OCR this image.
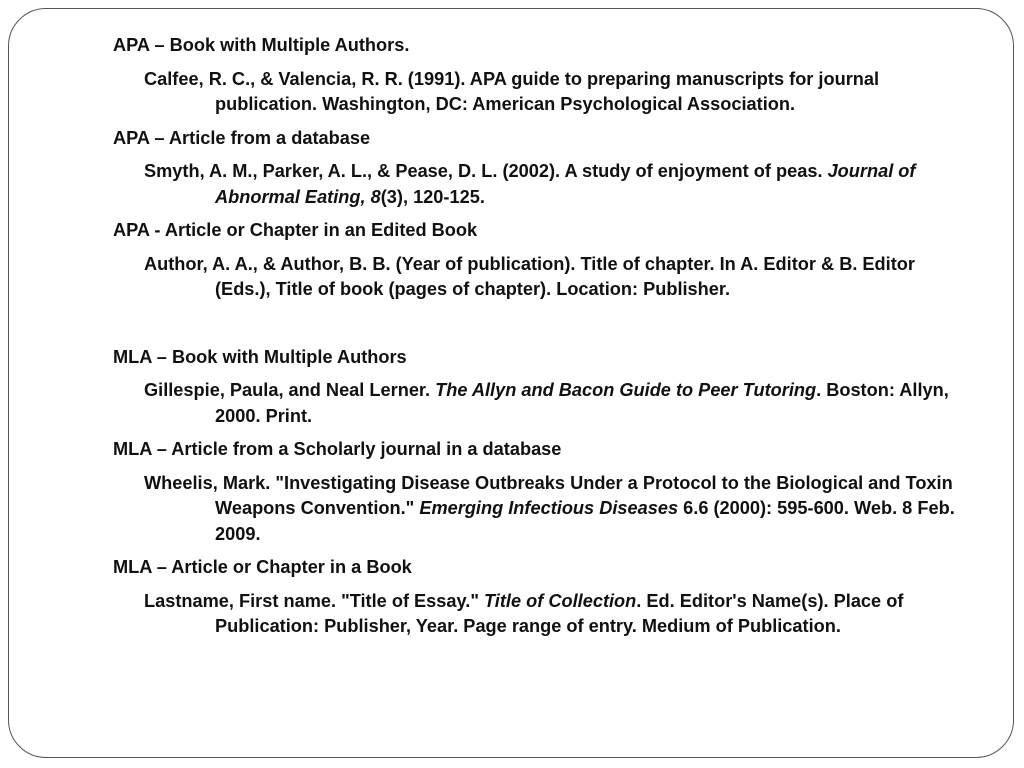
APA – Book with Multiple Authors.
Calfee, R. C., & Valencia, R. R. (1991). APA guide to preparing manuscripts for journal publication. Washington, DC: American Psychological Association.
APA – Article from a database
Smyth, A. M., Parker, A. L., & Pease, D. L. (2002). A study of enjoyment of peas. Journal of Abnormal Eating, 8(3), 120-125.
APA - Article or Chapter in an Edited Book
Author, A. A., & Author, B. B. (Year of publication). Title of chapter. In A. Editor & B. Editor (Eds.), Title of book (pages of chapter). Location: Publisher.
MLA – Book with Multiple Authors
Gillespie, Paula, and Neal Lerner. The Allyn and Bacon Guide to Peer Tutoring. Boston: Allyn, 2000. Print.
MLA – Article from a Scholarly journal in a database
Wheelis, Mark. "Investigating Disease Outbreaks Under a Protocol to the Biological and Toxin Weapons Convention." Emerging Infectious Diseases 6.6 (2000): 595-600. Web. 8 Feb. 2009.
MLA – Article or Chapter in a Book
Lastname, First name. "Title of Essay." Title of Collection. Ed. Editor's Name(s). Place of Publication: Publisher, Year. Page range of entry. Medium of Publication.
